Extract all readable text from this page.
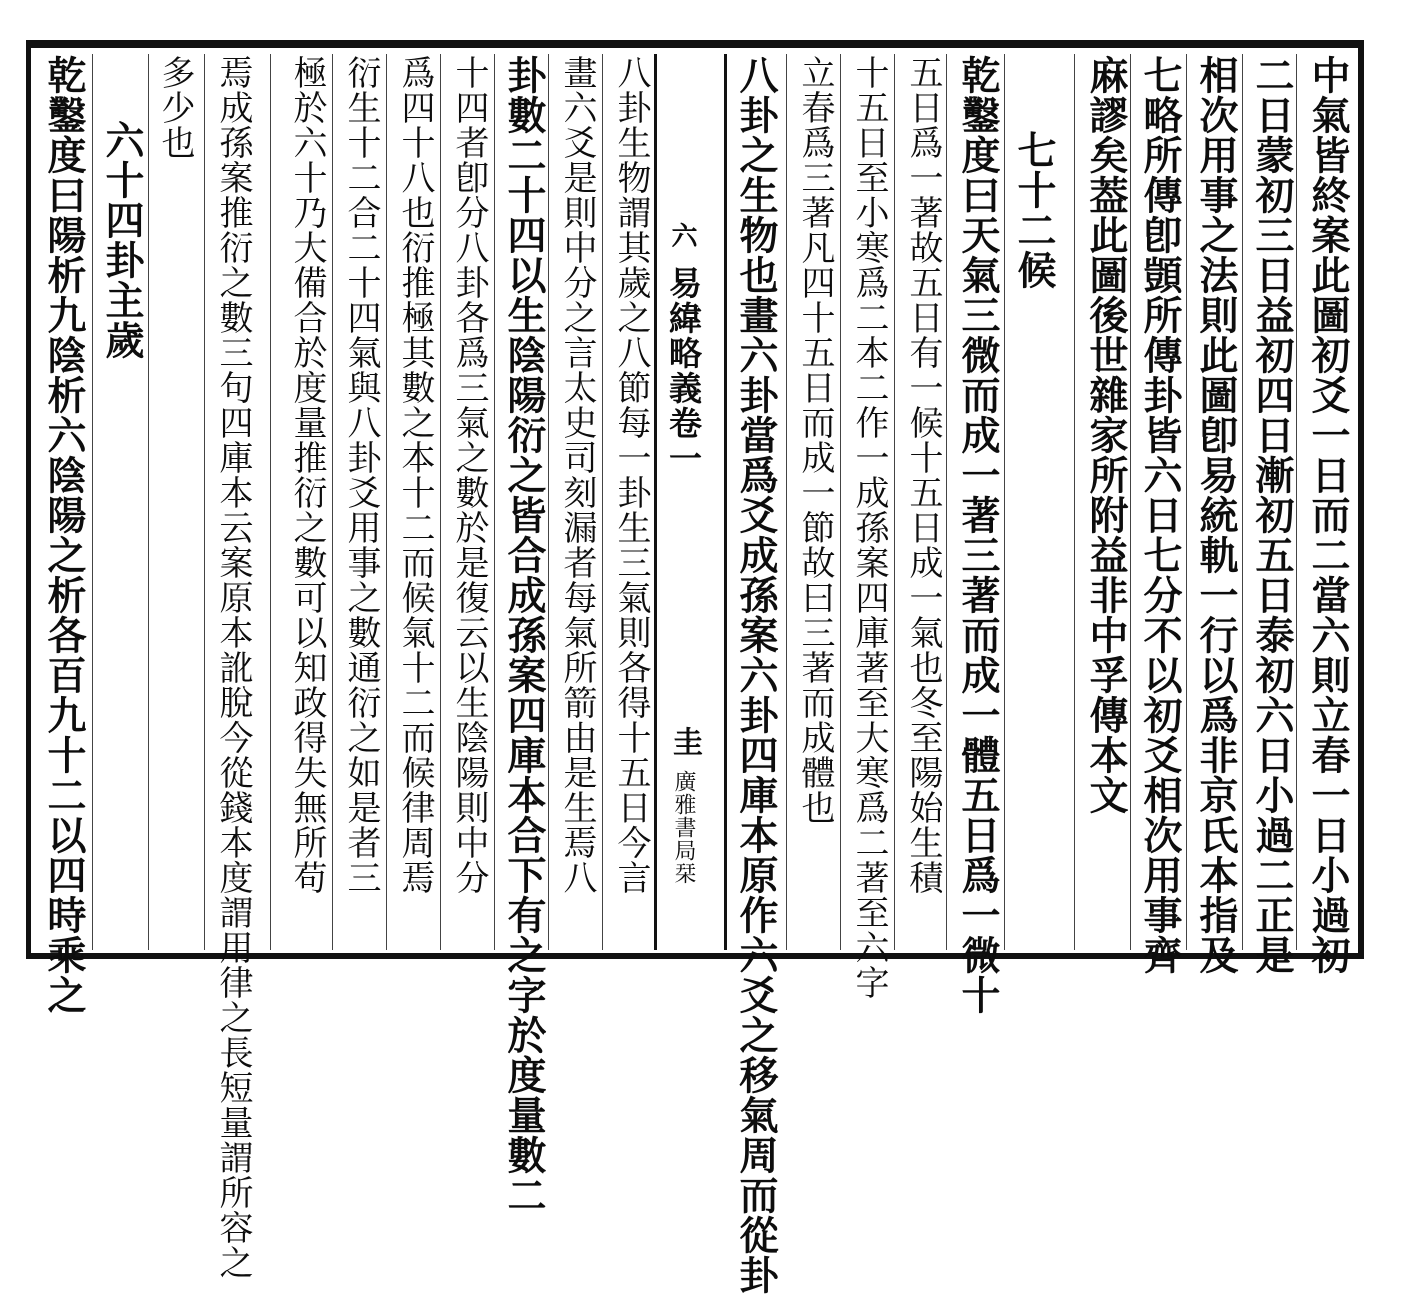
中氣皆終案此圖初爻一日而二當六則立春一日小過初
二日蒙初三日益初四日漸初五日泰初六日小過二正是
相次用事之法則此圖卽易統軌一行以爲非京氏本指及
七略所傳卽顗所傳卦皆六日七分不以初爻相次用事齊
麻謬矣葢此圖後世雜家所附益非中孚傳本文
七十二候
乾鑿度曰天氣三微而成一著三著而成一體五日爲一微十
五日爲一著故五日有一候十五日成一氣也冬至陽始生積
十五日至小寒爲二本二作一成孫案四庫著至大寒爲二著至六字
立春爲三著凡四十五日而成一節故曰三著而成體也
八卦之生物也畫六卦當爲爻成孫案六卦四庫本原作六爻之移氣周而從卦
六
易緯略義卷一
圭
廣雅書局栞
八卦生物謂其歲之八節每一卦生三氣則各得十五日今言
畫六爻是則中分之言太史司刻漏者每氣所箭由是生焉八
卦數二十四以生陰陽衍之皆合成孫案四庫本合下有之字於度量數二
十四者卽分八卦各爲三氣之數於是復云以生陰陽則中分
爲四十八也衍推極其數之本十二而候氣十二而候律周焉
衍生十二合二十四氣與八卦爻用事之數通衍之如是者三
極於六十乃大備合於度量推衍之數可以知政得失無所苟
焉成孫案推衍之數三句四庫本云案原本訛脫今從錢本度謂用律之長短量謂所容之
多少也
六十四卦主歲
乾鑿度曰陽析九陰析六陰陽之析各百九十二以四時乘之
